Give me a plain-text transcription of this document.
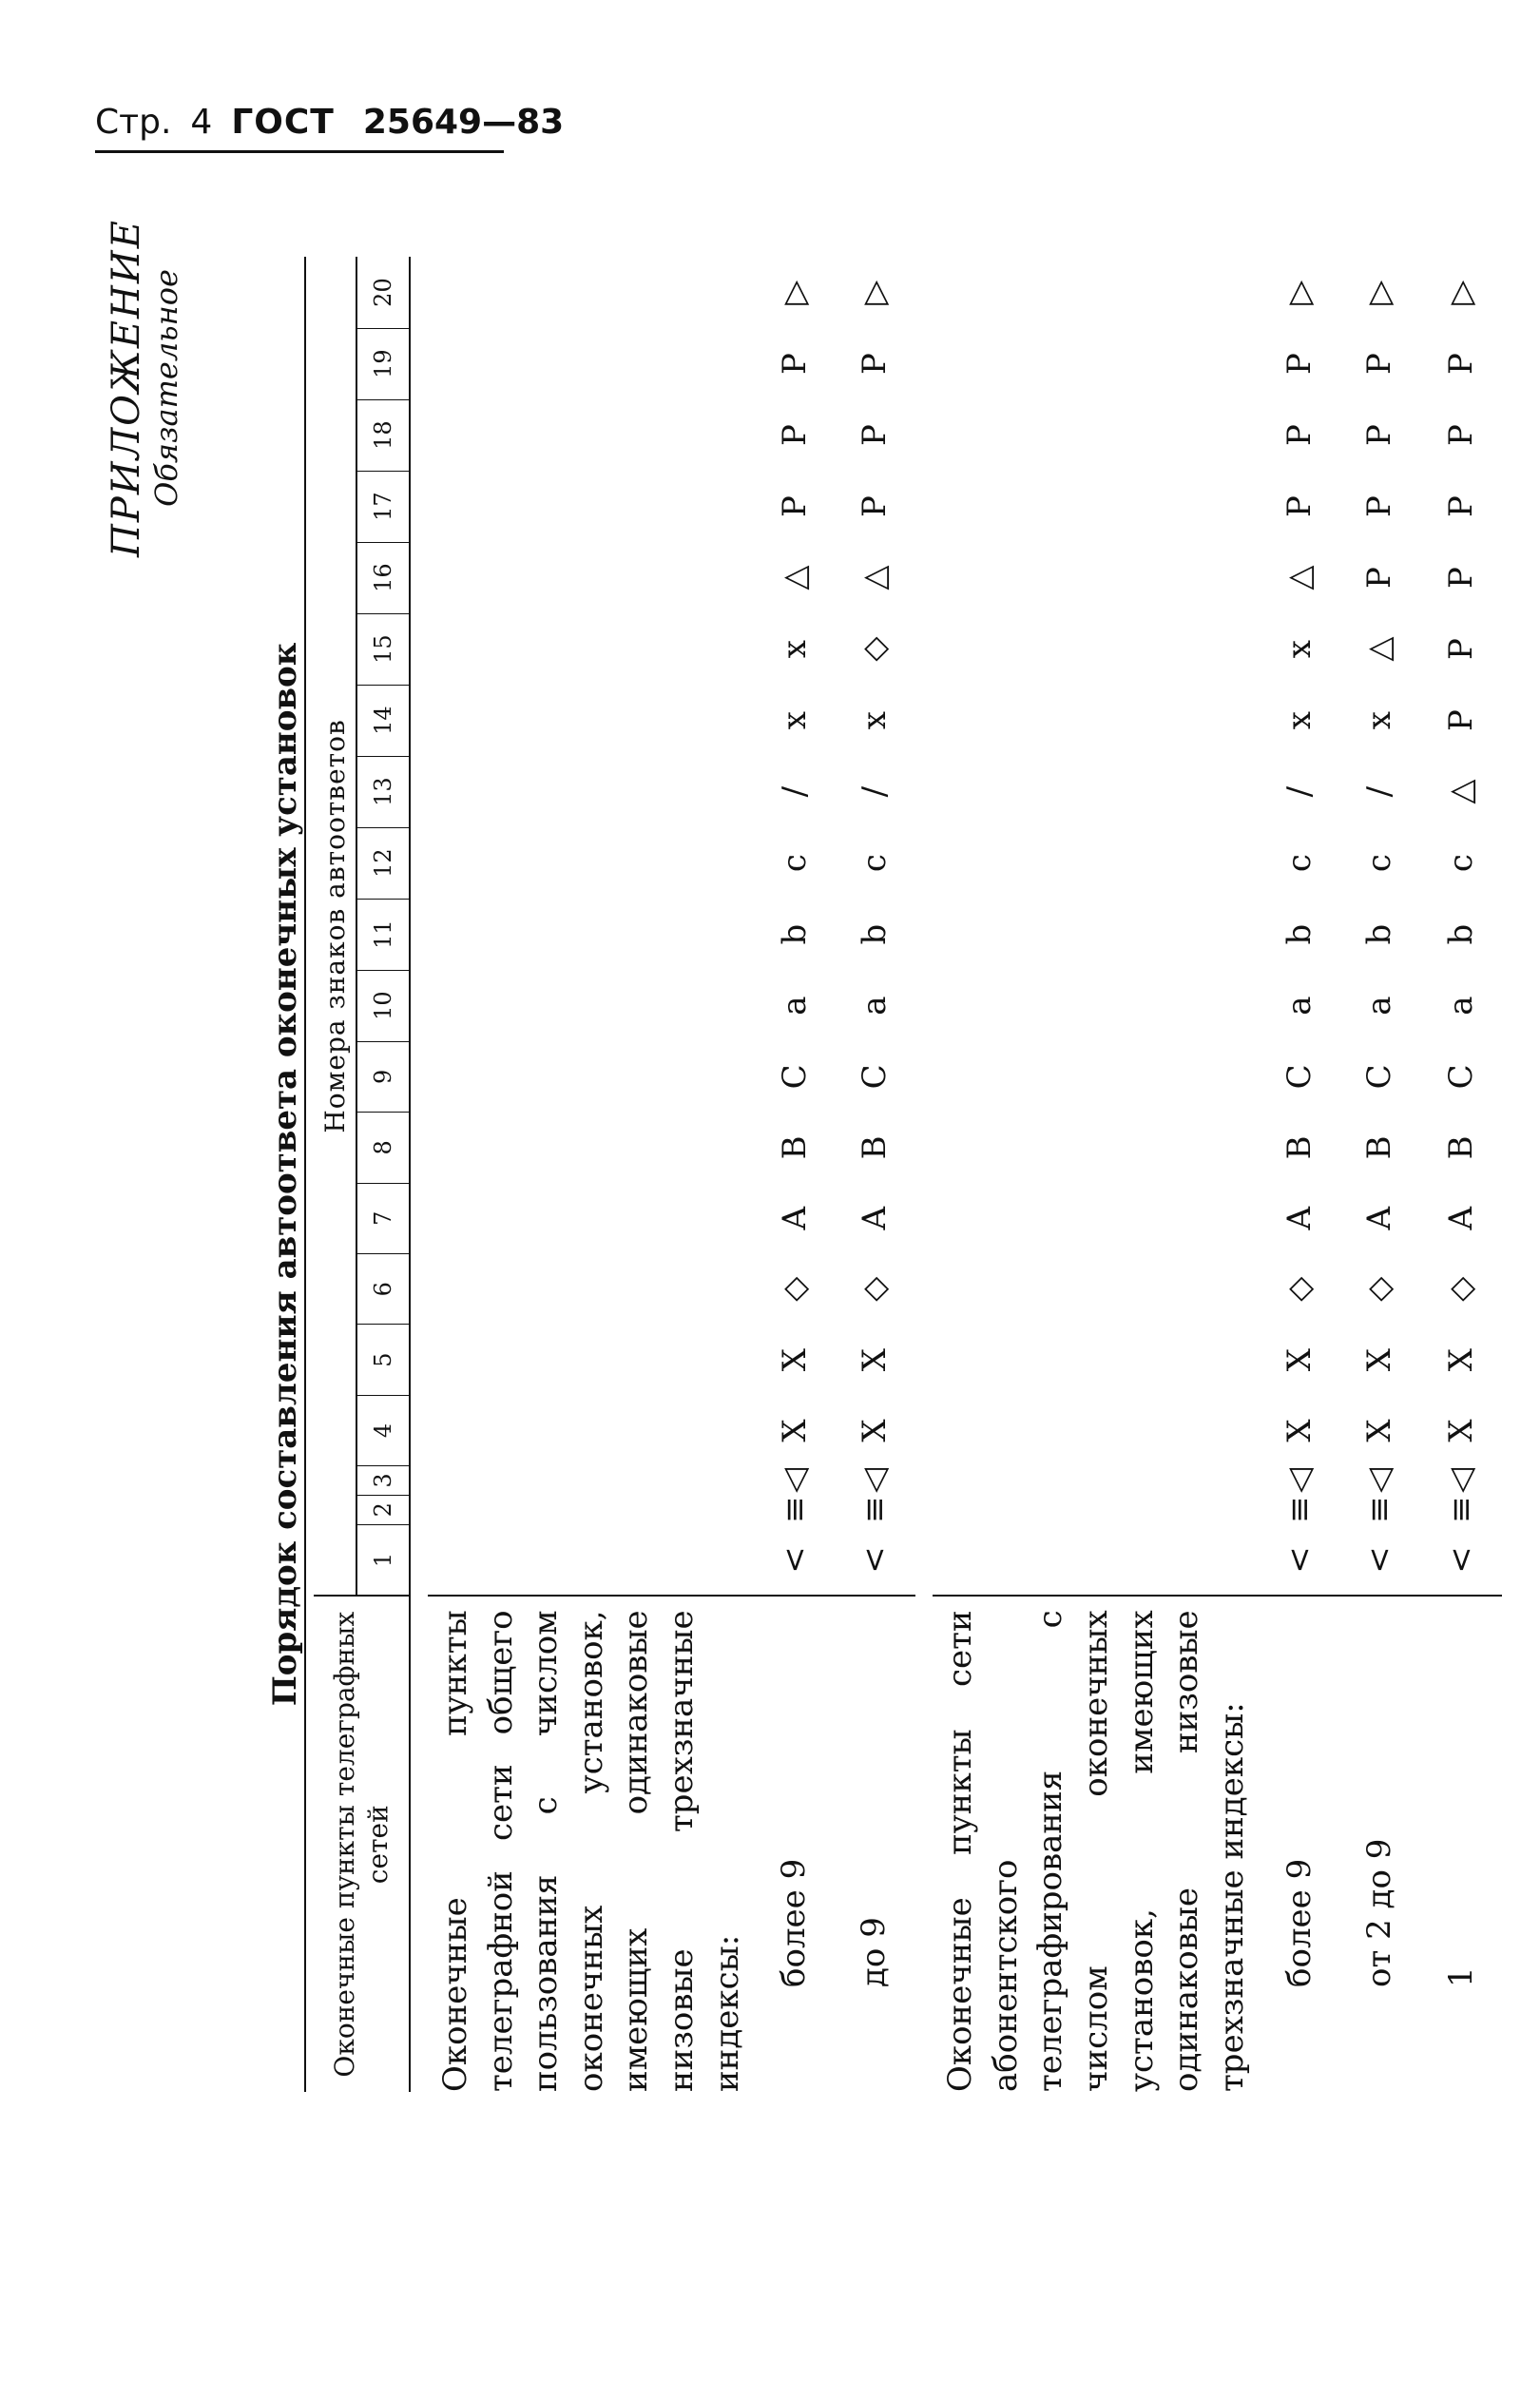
Стр. 4 ГОСТ 25649—83
ПРИЛОЖЕНИЕ Обязательное
Порядок составления автоответа оконечных установок
Оконечные пункты телеграфных сетей	Номера знаков автоответов																			
	1	2	3	4	5	6	7	8	9	10	11	12	13	14	15	16	17	18	19	20

Оконечные пункты телеграфной сети общего пользования с числом оконечных установок, имеющих одинаковые низовые трехзначные индексы:																				
более 9	<	≡	◁	X	X	◇	A	B	C	a	b	c	/	x	x	△	P	P	P	▷
до 9	<	≡	◁	X	X	◇	A	B	C	a	b	c	/	x	◇	△	P	P	P	▷

Оконечные пункты сети абонентского телеграфирования с числом оконечных установок, имеющих одинаковые низовые трехзначные индексы:																				
более 9	<	≡	◁	X	X	◇	A	B	C	a	b	c	/	x	x	△	P	P	P	▷
от 2 до 9	<	≡	◁	X	X	◇	A	B	C	a	b	c	/	x	△	P	P	P	P	▷
1	<	≡	◁	X	X	◇	A	B	C	a	b	c	△	P	P	P	P	P	P	▷
